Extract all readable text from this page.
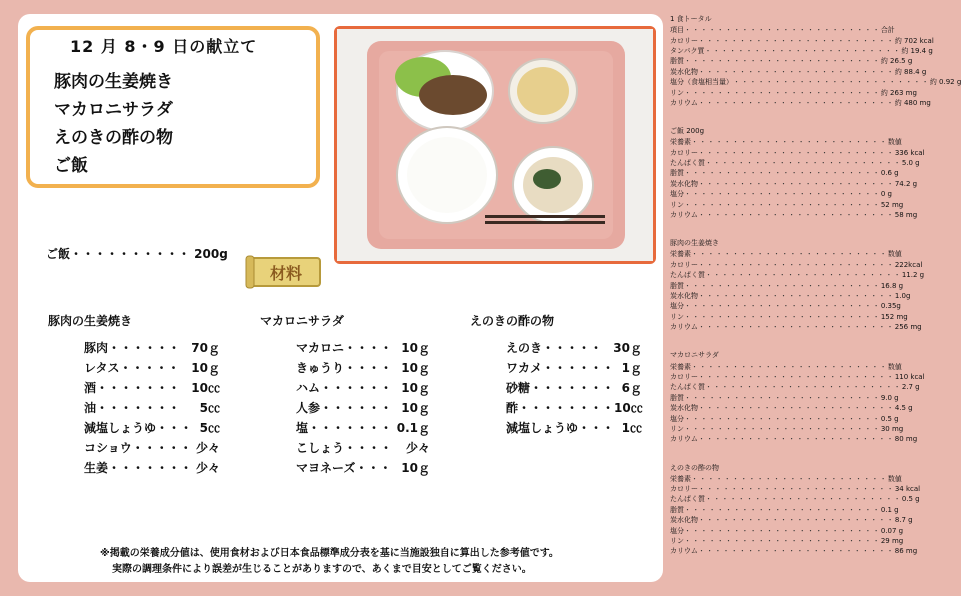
12 月 8・9 日の献立て
豚肉の生姜焼き
マカロニサラダ
えのきの酢の物
ご飯
ご飯・・・・・・・・・・ 200g
材料
豚肉の生姜焼き
豚肉・・・・・・ 70ｇ
レタス・・・・・ 10ｇ
酒・・・・・・・ 10㏄
油・・・・・・・	5㏄
減塩しょうゆ・・・ 5㏄
コショウ・・・・・ 少々
生姜・・・・・・・ 少々
マカロニサラダ
マカロニ・・・・ 10ｇ
きゅうり・・・・ 10ｇ
ハム・・・・・・ 10ｇ
人参・・・・・・ 10ｇ
塩・・・・・・・ 0.1ｇ
こしょう・・・・	少々
マヨネーズ・・・ 10ｇ
えのきの酢の物
えのき・・・・・ 30ｇ
ワカメ・・・・・・ 1ｇ
砂糖・・・・・・・ 6ｇ
酢・・・・・・・・ 10㏄
減塩しょうゆ・・・ 1㏄
※掲載の栄養成分値は、使用食材および日本食品標準成分表を基に当施設独自に算出した参考値です。
実際の調理条件により誤差が生じることがありますので、あくまで目安としてご覧ください。
1 食トータル
項目 ・・・・・・・・・・・・・・・・・・・・・・・・ 合計
カロリー ・・・・・・・・・・・・・・・・・・・・・・・・ 約 702 kcal
タンパク質 ・・・・・・・・・・・・・・・・・・・・・・・・ 約 19.4 g
脂質 ・・・・・・・・・・・・・・・・・・・・・・・・ 約 26.5 g
炭水化物 ・・・・・・・・・・・・・・・・・・・・・・・・ 約 88.4 g
塩分（食塩相当量） ・・・・・・・・・・・・・・・・・・・・・・・・ 約 0.92 g
リン ・・・・・・・・・・・・・・・・・・・・・・・・ 約 263 mg
カリウム ・・・・・・・・・・・・・・・・・・・・・・・・ 約 480 mg
ご飯 200g
栄養素 ・・・・・・・・・・・・・・・・・・・・・・・・ 数値
カロリー ・・・・・・・・・・・・・・・・・・・・・・・・ 336 kcal
たんぱく質 ・・・・・・・・・・・・・・・・・・・・・・・・ 5.0 g
脂質 ・・・・・・・・・・・・・・・・・・・・・・・・ 0.6 g
炭水化物 ・・・・・・・・・・・・・・・・・・・・・・・・ 74.2 g
塩分 ・・・・・・・・・・・・・・・・・・・・・・・・ 0 g
リン ・・・・・・・・・・・・・・・・・・・・・・・・ 52 mg
カリウム ・・・・・・・・・・・・・・・・・・・・・・・・ 58 mg
豚肉の生姜焼き
栄養素 ・・・・・・・・・・・・・・・・・・・・・・・・ 数値
カロリー ・・・・・・・・・・・・・・・・・・・・・・・・ 222kcal
たんぱく質 ・・・・・・・・・・・・・・・・・・・・・・・・ 11.2 g
脂質 ・・・・・・・・・・・・・・・・・・・・・・・・ 16.8 g
炭水化物 ・・・・・・・・・・・・・・・・・・・・・・・・ 1.0g
塩分 ・・・・・・・・・・・・・・・・・・・・・・・・ 0.35g
リン ・・・・・・・・・・・・・・・・・・・・・・・・ 152 mg
カリウム ・・・・・・・・・・・・・・・・・・・・・・・・ 256 mg
マカロニサラダ
栄養素 ・・・・・・・・・・・・・・・・・・・・・・・・ 数値
カロリー ・・・・・・・・・・・・・・・・・・・・・・・・ 110 kcal
たんぱく質 ・・・・・・・・・・・・・・・・・・・・・・・・ 2.7 g
脂質 ・・・・・・・・・・・・・・・・・・・・・・・・ 9.0 g
炭水化物 ・・・・・・・・・・・・・・・・・・・・・・・・ 4.5 g
塩分 ・・・・・・・・・・・・・・・・・・・・・・・・ 0.5 g
リン ・・・・・・・・・・・・・・・・・・・・・・・・ 30 mg
カリウム ・・・・・・・・・・・・・・・・・・・・・・・・ 80 mg
えのきの酢の物
栄養素 ・・・・・・・・・・・・・・・・・・・・・・・・ 数値
カロリー ・・・・・・・・・・・・・・・・・・・・・・・・ 34 kcal
たんぱく質 ・・・・・・・・・・・・・・・・・・・・・・・・ 0.5 g
脂質 ・・・・・・・・・・・・・・・・・・・・・・・・ 0.1 g
炭水化物 ・・・・・・・・・・・・・・・・・・・・・・・・ 8.7 g
塩分 ・・・・・・・・・・・・・・・・・・・・・・・・ 0.07 g
リン ・・・・・・・・・・・・・・・・・・・・・・・・ 29 mg
カリウム ・・・・・・・・・・・・・・・・・・・・・・・・ 86 mg
